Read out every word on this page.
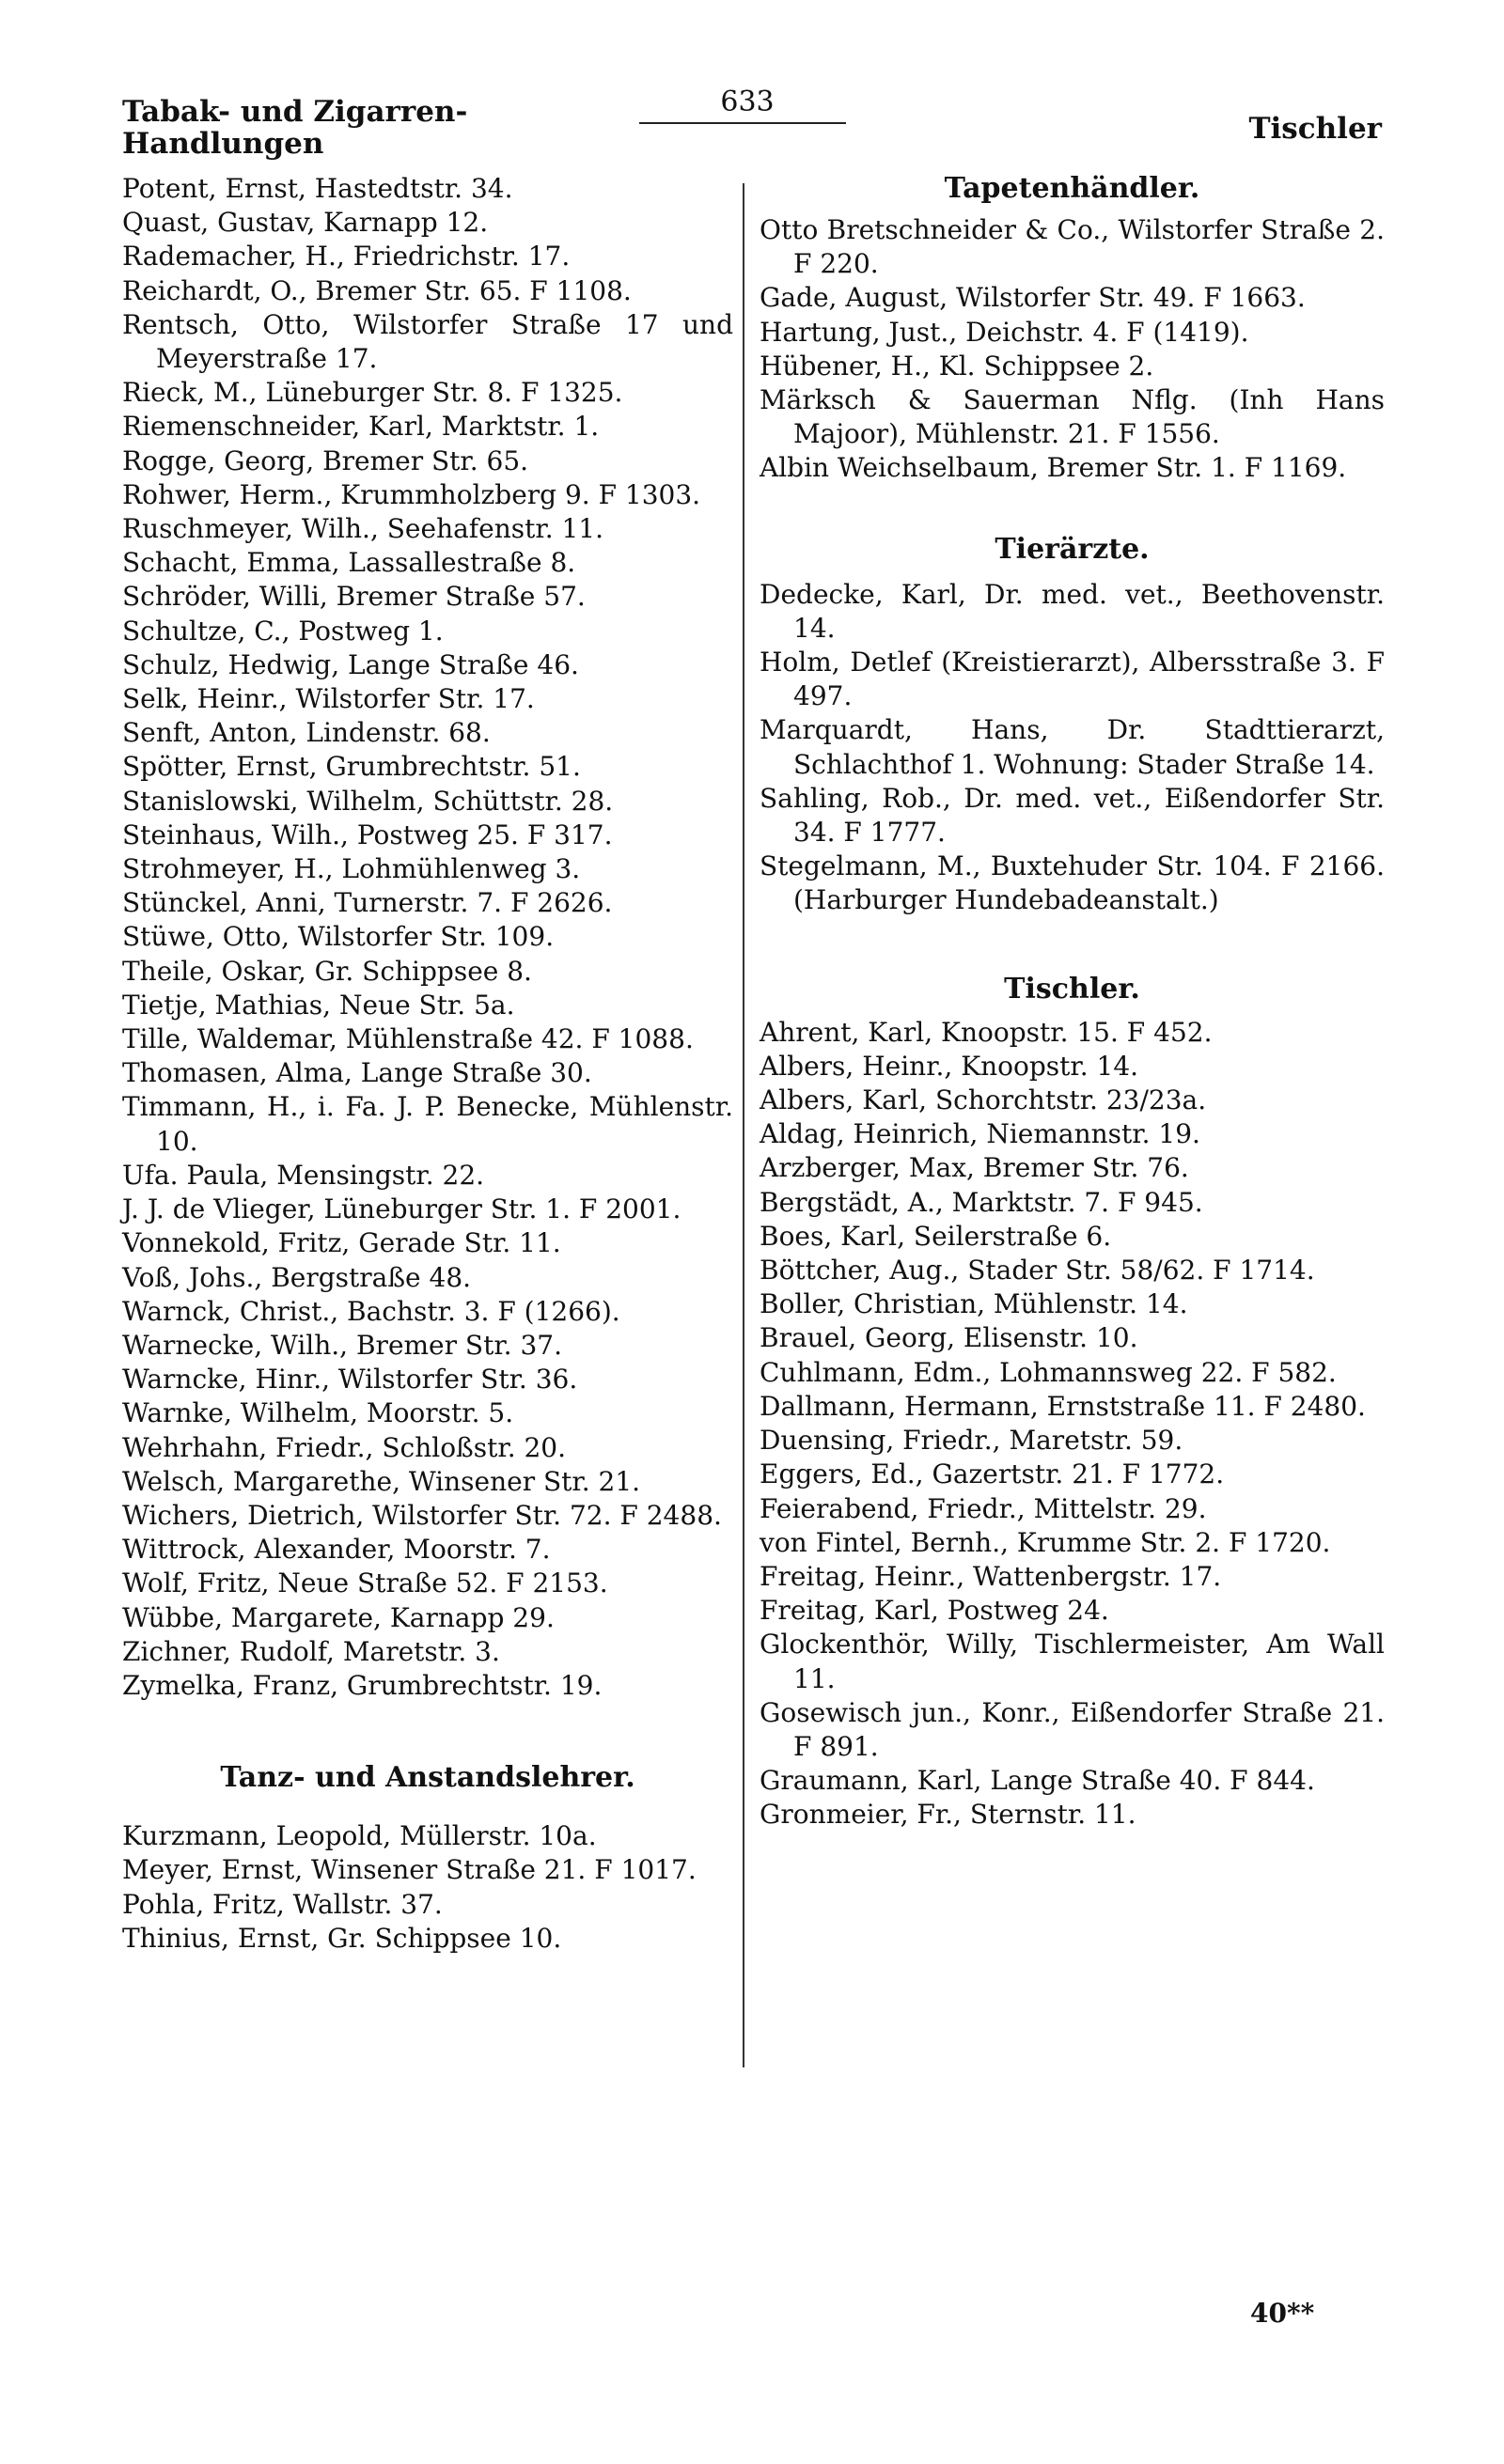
Tabak- und Zigarren-Handlungen
633
Tischler
Potent, Ernst, Hastedtstr. 34.
Quast, Gustav, Karnapp 12.
Rademacher, H., Friedrichstr. 17.
Reichardt, O., Bremer Str. 65. F 1108.
Rentsch, Otto, Wilstorfer Straße 17 und Meyerstraße 17.
Rieck, M., Lüneburger Str. 8. F 1325.
Riemenschneider, Karl, Marktstr. 1.
Rogge, Georg, Bremer Str. 65.
Rohwer, Herm., Krummholzberg 9. F 1303.
Ruschmeyer, Wilh., Seehafenstr. 11.
Schacht, Emma, Lassallestraße 8.
Schröder, Willi, Bremer Straße 57.
Schultze, C., Postweg 1.
Schulz, Hedwig, Lange Straße 46.
Selk, Heinr., Wilstorfer Str. 17.
Senft, Anton, Lindenstr. 68.
Spötter, Ernst, Grumbrechtstr. 51.
Stanislowski, Wilhelm, Schüttstr. 28.
Steinhaus, Wilh., Postweg 25. F 317.
Strohmeyer, H., Lohmühlenweg 3.
Stünckel, Anni, Turnerstr. 7. F 2626.
Stüwe, Otto, Wilstorfer Str. 109.
Theile, Oskar, Gr. Schippsee 8.
Tietje, Mathias, Neue Str. 5a.
Tille, Waldemar, Mühlenstraße 42. F 1088.
Thomasen, Alma, Lange Straße 30.
Timmann, H., i. Fa. J. P. Benecke, Mühlenstr. 10.
Ufa. Paula, Mensingstr. 22.
J. J. de Vlieger, Lüneburger Str. 1. F 2001.
Vonnekold, Fritz, Gerade Str. 11.
Voß, Johs., Bergstraße 48.
Warnck, Christ., Bachstr. 3. F (1266).
Warnecke, Wilh., Bremer Str. 37.
Warncke, Hinr., Wilstorfer Str. 36.
Warnke, Wilhelm, Moorstr. 5.
Wehrhahn, Friedr., Schloßstr. 20.
Welsch, Margarethe, Winsener Str. 21.
Wichers, Dietrich, Wilstorfer Str. 72. F 2488.
Wittrock, Alexander, Moorstr. 7.
Wolf, Fritz, Neue Straße 52. F 2153.
Wübbe, Margarete, Karnapp 29.
Zichner, Rudolf, Maretstr. 3.
Zymelka, Franz, Grumbrechtstr. 19.
Tanz- und Anstandslehrer.
Kurzmann, Leopold, Müllerstr. 10a.
Meyer, Ernst, Winsener Straße 21. F 1017.
Pohla, Fritz, Wallstr. 37.
Thinius, Ernst, Gr. Schippsee 10.
Tapetenhändler.
Otto Bretschneider & Co., Wilstorfer Straße 2. F 220.
Gade, August, Wilstorfer Str. 49. F 1663.
Hartung, Just., Deichstr. 4. F (1419).
Hübener, H., Kl. Schippsee 2.
Märksch & Sauerman Nflg. (Inh Hans Majoor), Mühlenstr. 21. F 1556.
Albin Weichselbaum, Bremer Str. 1. F 1169.
Tierärzte.
Dedecke, Karl, Dr. med. vet., Beethovenstr. 14.
Holm, Detlef (Kreistierarzt), Albersstraße 3. F 497.
Marquardt, Hans, Dr. Stadttierarzt, Schlachthof 1. Wohnung: Stader Straße 14.
Sahling, Rob., Dr. med. vet., Eißendorfer Str. 34. F 1777.
Stegelmann, M., Buxtehuder Str. 104. F 2166. (Harburger Hundebadeanstalt.)
Tischler.
Ahrent, Karl, Knoopstr. 15. F 452.
Albers, Heinr., Knoopstr. 14.
Albers, Karl, Schorchtstr. 23/23a.
Aldag, Heinrich, Niemannstr. 19.
Arzberger, Max, Bremer Str. 76.
Bergstädt, A., Marktstr. 7. F 945.
Boes, Karl, Seilerstraße 6.
Böttcher, Aug., Stader Str. 58/62. F 1714.
Boller, Christian, Mühlenstr. 14.
Brauel, Georg, Elisenstr. 10.
Cuhlmann, Edm., Lohmannsweg 22. F 582.
Dallmann, Hermann, Ernststraße 11. F 2480.
Duensing, Friedr., Maretstr. 59.
Eggers, Ed., Gazertstr. 21. F 1772.
Feierabend, Friedr., Mittelstr. 29.
von Fintel, Bernh., Krumme Str. 2. F 1720.
Freitag, Heinr., Wattenbergstr. 17.
Freitag, Karl, Postweg 24.
Glockenthör, Willy, Tischlermeister, Am Wall 11.
Gosewisch jun., Konr., Eißendorfer Straße 21. F 891.
Graumann, Karl, Lange Straße 40. F 844.
Gronmeier, Fr., Sternstr. 11.
40**
